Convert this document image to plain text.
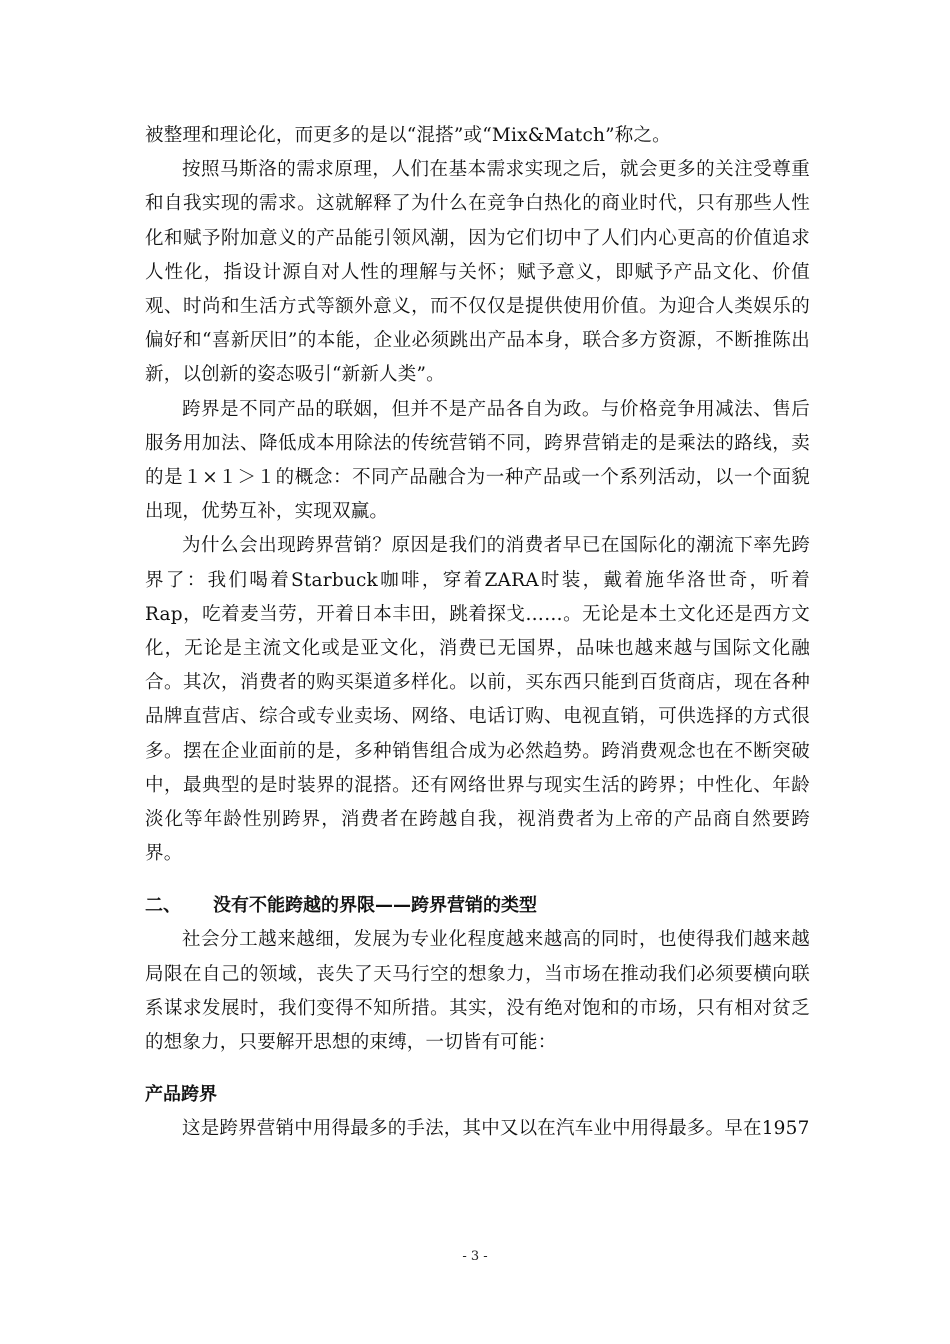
被整理和理论化，而更多的是以“混搭”或“Mix&Match”称之。

按照马斯洛的需求原理，人们在基本需求实现之后，就会更多的关注受尊重和自我实现的需求。这就解释了为什么在竞争白热化的商业时代，只有那些人性化和赋予附加意义的产品能引领风潮，因为它们切中了人们内心更高的价值追求人性化，指设计源自对人性的理解与关怀；赋予意义，即赋予产品文化、价值观、时尚和生活方式等额外意义，而不仅仅是提供使用价值。为迎合人类娱乐的偏好和“喜新厌旧”的本能，企业必须跳出产品本身，联合多方资源，不断推陈出新，以创新的姿态吸引“新新人类”。

跨界是不同产品的联姻，但并不是产品各自为政。与价格竞争用减法、售后服务用加法、降低成本用除法的传统营销不同，跨界营销走的是乘法的路线，卖的是１×１＞１的概念：不同产品融合为一种产品或一个系列活动，以一个面貌出现，优势互补，实现双赢。

为什么会出现跨界营销？原因是我们的消费者早已在国际化的潮流下率先跨界了：我们喝着Starbuck咖啡，穿着ZARA时装，戴着施华洛世奇，听着Rap，吃着麦当劳，开着日本丰田，跳着探戈……。无论是本土文化还是西方文化，无论是主流文化或是亚文化，消费已无国界，品味也越来越与国际文化融合。其次，消费者的购买渠道多样化。以前，买东西只能到百货商店，现在各种品牌直营店、综合或专业卖场、网络、电话订购、电视直销，可供选择的方式很多。摆在企业面前的是，多种销售组合成为必然趋势。跨消费观念也在不断突破中，最典型的是时装界的混搭。还有网络世界与现实生活的跨界；中性化、年龄淡化等年龄性别跨界，消费者在跨越自我，视消费者为上帝的产品商自然要跨界。

二、 没有不能跨越的界限——跨界营销的类型

社会分工越来越细，发展为专业化程度越来越高的同时，也使得我们越来越局限在自己的领域，丧失了天马行空的想象力，当市场在推动我们必须要横向联系谋求发展时，我们变得不知所措。其实，没有绝对饱和的市场，只有相对贫乏的想象力，只要解开思想的束缚，一切皆有可能：

产品跨界

这是跨界营销中用得最多的手法，其中又以在汽车业中用得最多。早在1957

- 3 -
